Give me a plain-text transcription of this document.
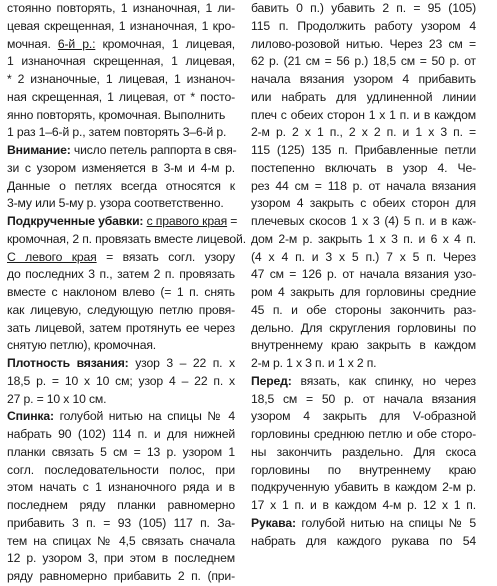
стоянно повторять, 1 изнаночная, 1 ли-
цевая скрещенная, 1 изнаночная, 1 кро-
мочная. 6-й р.: кромочная, 1 лицевая,
1 изнаночная скрещенная, 1 лицевая,
* 2 изнаночные, 1 лицевая, 1 изнаноч-
ная скрещенная, 1 лицевая, от * посто-
янно повторять, кромочная. Выполнить
1 раз 1–6-й р., затем повторять 3–6-й р.
Внимание: число петель раппорта в свя-
зи с узором изменяется в 3-м и 4-м р.
Данные о петлях всегда относятся к
3-му или 5-му р. узора соответственно.
Подкрученные убавки: с правого края =
кромочная, 2 п. провязать вместе лицевой.
С левого края = вязать согл. узору
до последних 3 п., затем 2 п. провязать
вместе с наклоном влево (= 1 п. снять
как лицевую, следующую петлю провя-
зать лицевой, затем протянуть ее через
снятую петлю), кромочная.
Плотность вязания: узор 3 – 22 п. х
18,5 р. = 10 х 10 см; узор 4 – 22 п. х
27 р. = 10 х 10 см.
Спинка: голубой нитью на спицы № 4
набрать 90 (102) 114 п. и для нижней
планки связать 5 см = 13 р. узором 1
согл. последовательности полос, при
этом начать с 1 изнаночного ряда и в
последнем ряду планки равномерно
прибавить 3 п. = 93 (105) 117 п. За-
тем на спицах № 4,5 связать сначала
12 р. узором 3, при этом в последнем
ряду равномерно прибавить 2 п. (при-
бавить 0 п.) убавить 2 п. = 95 (105)
115 п. Продолжить работу узором 4
лилово-розовой нитью. Через 23 см =
62 р. (21 см = 56 р.) 18,5 см = 50 р. от
начала вязания узором 4 прибавить
или набрать для удлиненной линии
плеч с обеих сторон 1 х 1 п. и в каждом
2-м р. 2 х 1 п., 2 х 2 п. и 1 х 3 п. =
115 (125) 135 п. Прибавленные петли
постепенно включать в узор 4. Че-
рез 44 см = 118 р. от начала вязания
узором 4 закрыть с обеих сторон для
плечевых скосов 1 х 3 (4) 5 п. и в каж-
дом 2-м р. закрыть 1 х 3 п. и 6 х 4 п.
(4 х 4 п. и 3 х 5 п.) 7 х 5 п. Через
47 см = 126 р. от начала вязания узо-
ром 4 закрыть для горловины средние
45 п. и обе стороны закончить раз-
дельно. Для скругления горловины по
внутреннему краю закрыть в каждом
2-м р. 1 х 3 п. и 1 х 2 п.
Перед: вязать, как спинку, но через
18,5 см = 50 р. от начала вязания
узором 4 закрыть для V-образной
горловины среднюю петлю и обе сторо-
ны закончить раздельно. Для скоса
горловины по внутреннему краю
подкрученную убавить в каждом 2-м р.
17 х 1 п. и в каждом 4-м р. 12 х 1 п.
Рукава: голубой нитью на спицы № 5
набрать для каждого рукава по 54
